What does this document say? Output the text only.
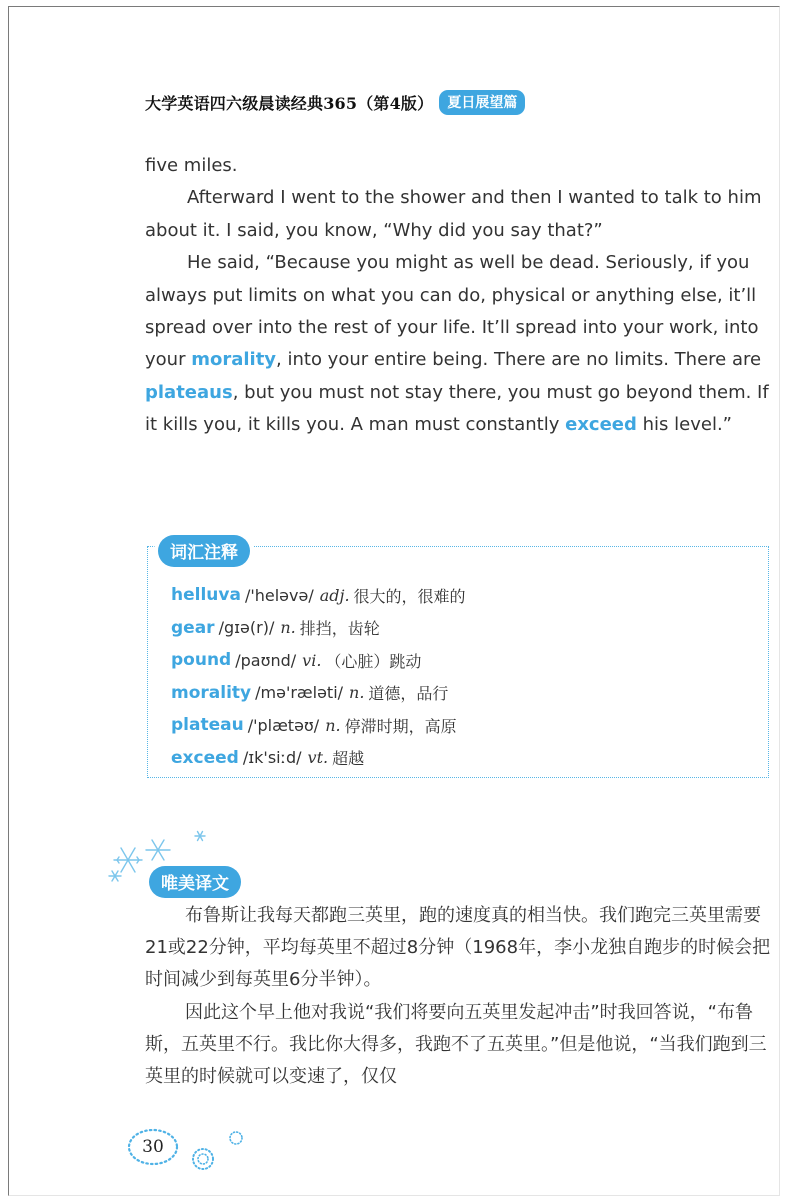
大学英语四六级晨读经典365（第4版）	夏日展望篇

five miles.

Afterward I went to the shower and then I wanted to talk to him about it. I said, you know, “Why did you say that?”

He said, “Because you might as well be dead. Seriously, if you always put limits on what you can do, physical or anything else, it’ll spread over into the rest of your life. It’ll spread into your work, into your morality, into your entire being. There are no limits. There are plateaus, but you must not stay there, you must go beyond them. If it kills you, it kills you. A man must constantly exceed his level.”

词汇注释
helluva /'heləvə/ adj. 很大的，很难的
gear /gɪə(r)/ n. 排挡，齿轮
pound /paʊnd/ vi. （心脏）跳动
morality /mə'ræləti/ n. 道德，品行
plateau /'plætəʊ/ n. 停滞时期，高原
exceed /ɪk'siːd/ vt. 超越
唯美译文

布鲁斯让我每天都跑三英里，跑的速度真的相当快。我们跑完三英里需要21或22分钟，平均每英里不超过8分钟（1968年，李小龙独自跑步的时候会把时间减少到每英里6分半钟）。

因此这个早上他对我说“我们将要向五英里发起冲击”时我回答说，“布鲁斯，五英里不行。我比你大得多，我跑不了五英里。”但是他说，“当我们跑到三英里的时候就可以变速了，仅仅

30
